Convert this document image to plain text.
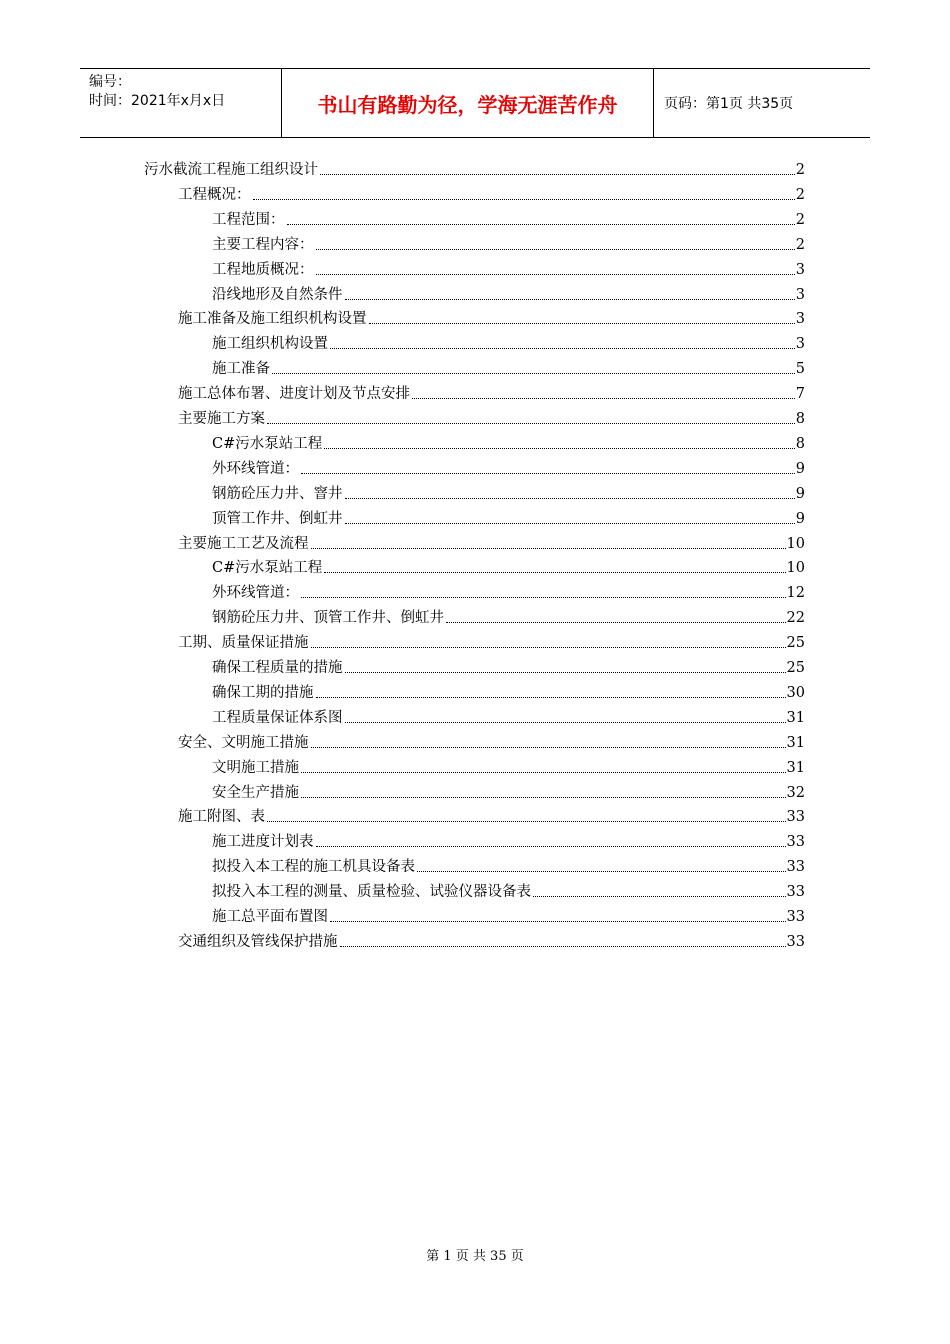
编号：
时间：2021年x月x日	书山有路勤为径，学海无涯苦作舟	页码：第1页 共35页
污水截流工程施工组织设计	2
工程概况：	2
工程范围：	2
主要工程内容：	2
工程地质概况：	3
沿线地形及自然条件	3
施工准备及施工组织机构设置	3
施工组织机构设置	3
施工准备	5
施工总体布署、进度计划及节点安排	7
主要施工方案	8
C#污水泵站工程	8
外环线管道：	9
钢筋砼压力井、窨井	9
顶管工作井、倒虹井	9
主要施工工艺及流程	10
C#污水泵站工程	10
外环线管道：	12
钢筋砼压力井、顶管工作井、倒虹井	22
工期、质量保证措施	25
确保工程质量的措施	25
确保工期的措施	30
工程质量保证体系图	31
安全、文明施工措施	31
文明施工措施	31
安全生产措施	32
施工附图、表	33
施工进度计划表	33
拟投入本工程的施工机具设备表	33
拟投入本工程的测量、质量检验、试验仪器设备表	33
施工总平面布置图	33
交通组织及管线保护措施	33
第 1 页 共 35 页
